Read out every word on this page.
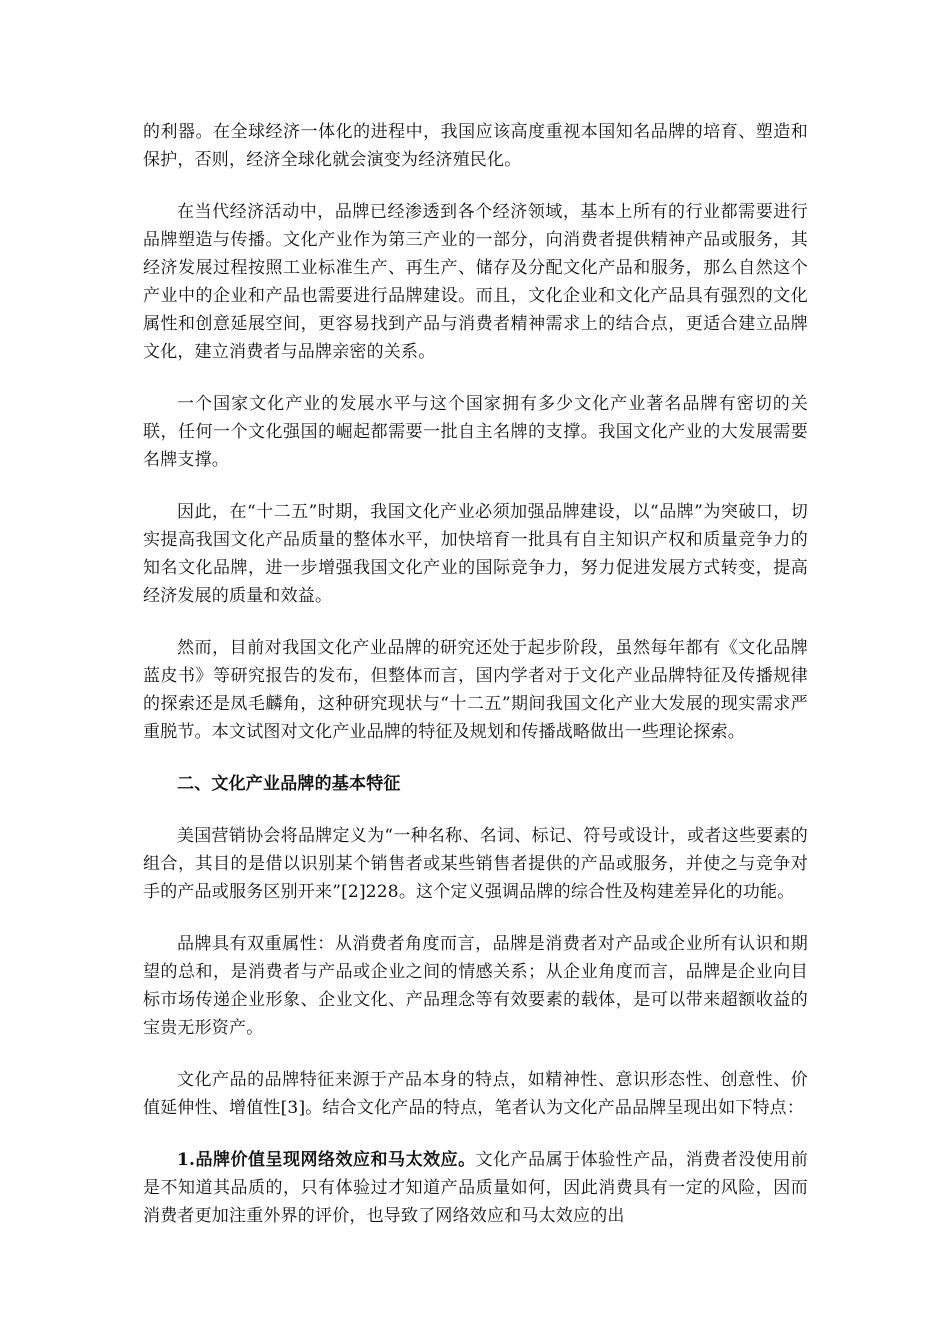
的利器。在全球经济一体化的进程中，我国应该高度重视本国知名品牌的培育、塑造和保护，否则，经济全球化就会演变为经济殖民化。

在当代经济活动中，品牌已经渗透到各个经济领域，基本上所有的行业都需要进行品牌塑造与传播。文化产业作为第三产业的一部分，向消费者提供精神产品或服务，其经济发展过程按照工业标准生产、再生产、储存及分配文化产品和服务，那么自然这个产业中的企业和产品也需要进行品牌建设。而且，文化企业和文化产品具有强烈的文化属性和创意延展空间，更容易找到产品与消费者精神需求上的结合点，更适合建立品牌文化，建立消费者与品牌亲密的关系。

一个国家文化产业的发展水平与这个国家拥有多少文化产业著名品牌有密切的关联，任何一个文化强国的崛起都需要一批自主名牌的支撑。我国文化产业的大发展需要名牌支撑。

因此，在“十二五”时期，我国文化产业必须加强品牌建设，以“品牌”为突破口，切实提高我国文化产品质量的整体水平，加快培育一批具有自主知识产权和质量竞争力的知名文化品牌，进一步增强我国文化产业的国际竞争力，努力促进发展方式转变，提高经济发展的质量和效益。

然而，目前对我国文化产业品牌的研究还处于起步阶段，虽然每年都有《文化品牌蓝皮书》等研究报告的发布，但整体而言，国内学者对于文化产业品牌特征及传播规律的探索还是凤毛麟角，这种研究现状与“十二五”期间我国文化产业大发展的现实需求严重脱节。本文试图对文化产业品牌的特征及规划和传播战略做出一些理论探索。

二、文化产业品牌的基本特征

美国营销协会将品牌定义为“一种名称、名词、标记、符号或设计，或者这些要素的组合，其目的是借以识别某个销售者或某些销售者提供的产品或服务，并使之与竞争对手的产品或服务区别开来”[2]228。这个定义强调品牌的综合性及构建差异化的功能。

品牌具有双重属性：从消费者角度而言，品牌是消费者对产品或企业所有认识和期望的总和，是消费者与产品或企业之间的情感关系；从企业角度而言，品牌是企业向目标市场传递企业形象、企业文化、产品理念等有效要素的载体，是可以带来超额收益的宝贵无形资产。

文化产品的品牌特征来源于产品本身的特点，如精神性、意识形态性、创意性、价值延伸性、增值性[3]。结合文化产品的特点，笔者认为文化产品品牌呈现出如下特点：

1.品牌价值呈现网络效应和马太效应。文化产品属于体验性产品，消费者没使用前是不知道其品质的，只有体验过才知道产品质量如何，因此消费具有一定的风险，因而消费者更加注重外界的评价，也导致了网络效应和马太效应的出
